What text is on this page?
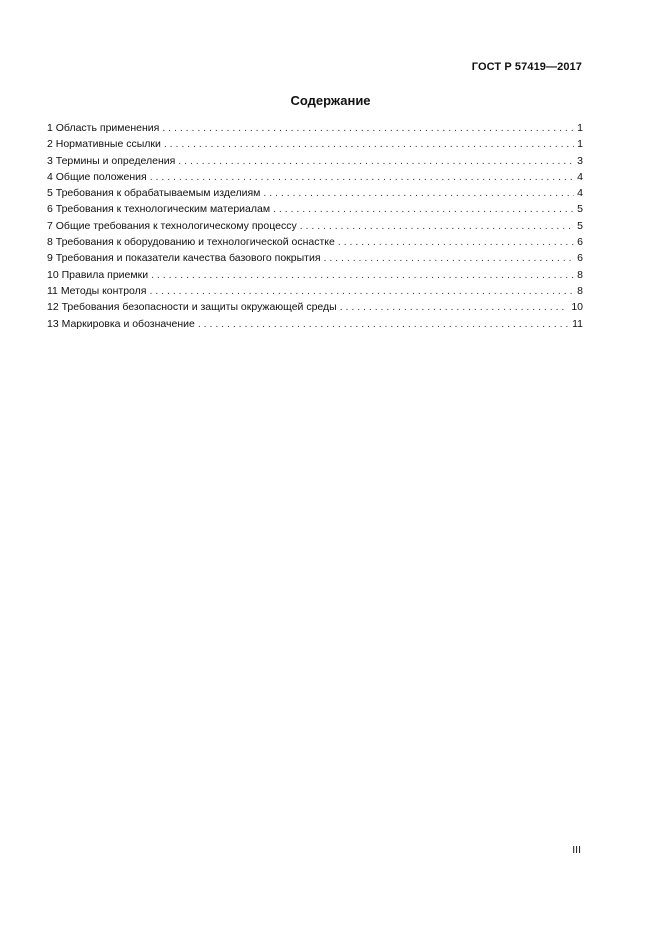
ГОСТ Р 57419—2017
Содержание
1 Область применения . . .	1
2 Нормативные ссылки . . .	1
3 Термины и определения . . .	3
4 Общие положения . . .	4
5 Требования к обрабатываемым изделиям . . .	4
6 Требования к технологическим материалам . . .	5
7 Общие требования к технологическому процессу . . .	5
8 Требования к оборудованию и технологической оснастке . . .	6
9 Требования и показатели качества базового покрытия . . .	6
10 Правила приемки . . .	8
11 Методы контроля . . .	8
12 Требования безопасности и защиты окружающей среды . . .	10
13 Маркировка и обозначение . . .	11
III
